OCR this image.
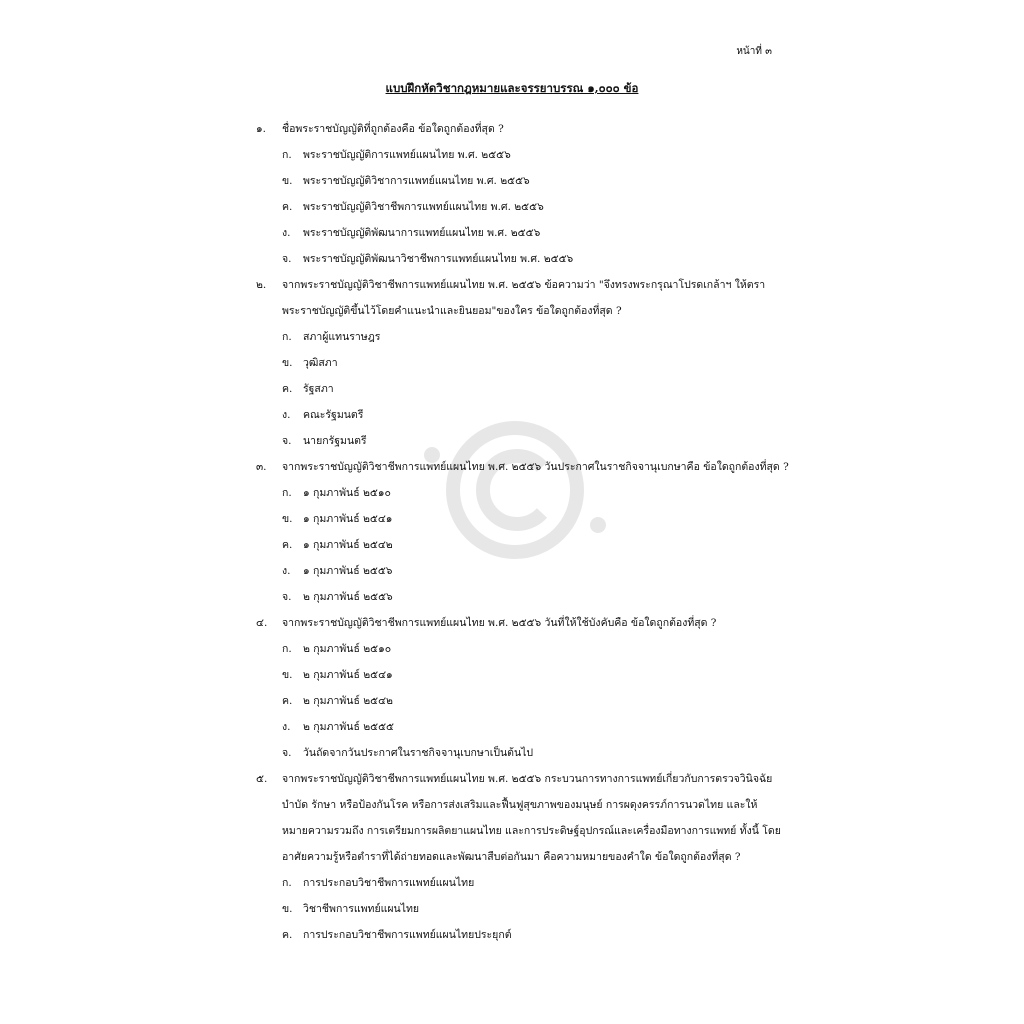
หน้าที่ ๓
แบบฝึกหัดวิชากฎหมายและจรรยาบรรณ ๑,๐๐๐ ข้อ
๑. ชื่อพระราชบัญญัติที่ถูกต้องคือ ข้อใดถูกต้องที่สุด ?
ก. พระราชบัญญัติการแพทย์แผนไทย พ.ศ. ๒๕๕๖
ข. พระราชบัญญัติวิชาการแพทย์แผนไทย พ.ศ. ๒๕๕๖
ค. พระราชบัญญัติวิชาชีพการแพทย์แผนไทย พ.ศ. ๒๕๕๖
ง. พระราชบัญญัติพัฒนาการแพทย์แผนไทย พ.ศ. ๒๕๕๖
จ. พระราชบัญญัติพัฒนาวิชาชีพการแพทย์แผนไทย พ.ศ. ๒๕๕๖
๒. จากพระราชบัญญัติวิชาชีพการแพทย์แผนไทย พ.ศ. ๒๕๕๖ ข้อความว่า "จึงทรงพระกรุณาโปรดเกล้าฯ ให้ตรา
พระราชบัญญัติขึ้นไว้โดยคำแนะนำและยินยอม"ของใคร ข้อใดถูกต้องที่สุด ?
ก. สภาผู้แทนราษฎร
ข. วุฒิสภา
ค. รัฐสภา
ง. คณะรัฐมนตรี
จ. นายกรัฐมนตรี
๓. จากพระราชบัญญัติวิชาชีพการแพทย์แผนไทย พ.ศ. ๒๕๕๖ วันประกาศในราชกิจจานุเบกษาคือ ข้อใดถูกต้องที่สุด ?
ก. ๑ กุมภาพันธ์ ๒๕๑๐
ข. ๑ กุมภาพันธ์ ๒๕๔๑
ค. ๑ กุมภาพันธ์ ๒๕๔๒
ง. ๑ กุมภาพันธ์ ๒๕๕๖
จ. ๒ กุมภาพันธ์ ๒๕๕๖
๔. จากพระราชบัญญัติวิชาชีพการแพทย์แผนไทย พ.ศ. ๒๕๕๖ วันที่ให้ใช้บังคับคือ ข้อใดถูกต้องที่สุด ?
ก. ๒ กุมภาพันธ์ ๒๕๑๐
ข. ๒ กุมภาพันธ์ ๒๕๔๑
ค. ๒ กุมภาพันธ์ ๒๕๔๒
ง. ๒ กุมภาพันธ์ ๒๕๕๕
จ. วันถัดจากวันประกาศในราชกิจจานุเบกษาเป็นต้นไป
๕. จากพระราชบัญญัติวิชาชีพการแพทย์แผนไทย พ.ศ. ๒๕๕๖ กระบวนการทางการแพทย์เกี่ยวกับการตรวจวินิจฉัย
บำบัด รักษา หรือป้องกันโรค หรือการส่งเสริมและฟื้นฟูสุขภาพของมนุษย์ การผดุงครรภ์การนวดไทย และให้
หมายความรวมถึง การเตรียมการผลิตยาแผนไทย และการประดิษฐ์อุปกรณ์และเครื่องมือทางการแพทย์ ทั้งนี้ โดย
อาศัยความรู้หรือตำราที่ได้ถ่ายทอดและพัฒนาสืบต่อกันมา คือความหมายของคำใด ข้อใดถูกต้องที่สุด ?
ก. การประกอบวิชาชีพการแพทย์แผนไทย
ข. วิชาชีพการแพทย์แผนไทย
ค. การประกอบวิชาชีพการแพทย์แผนไทยประยุกต์
